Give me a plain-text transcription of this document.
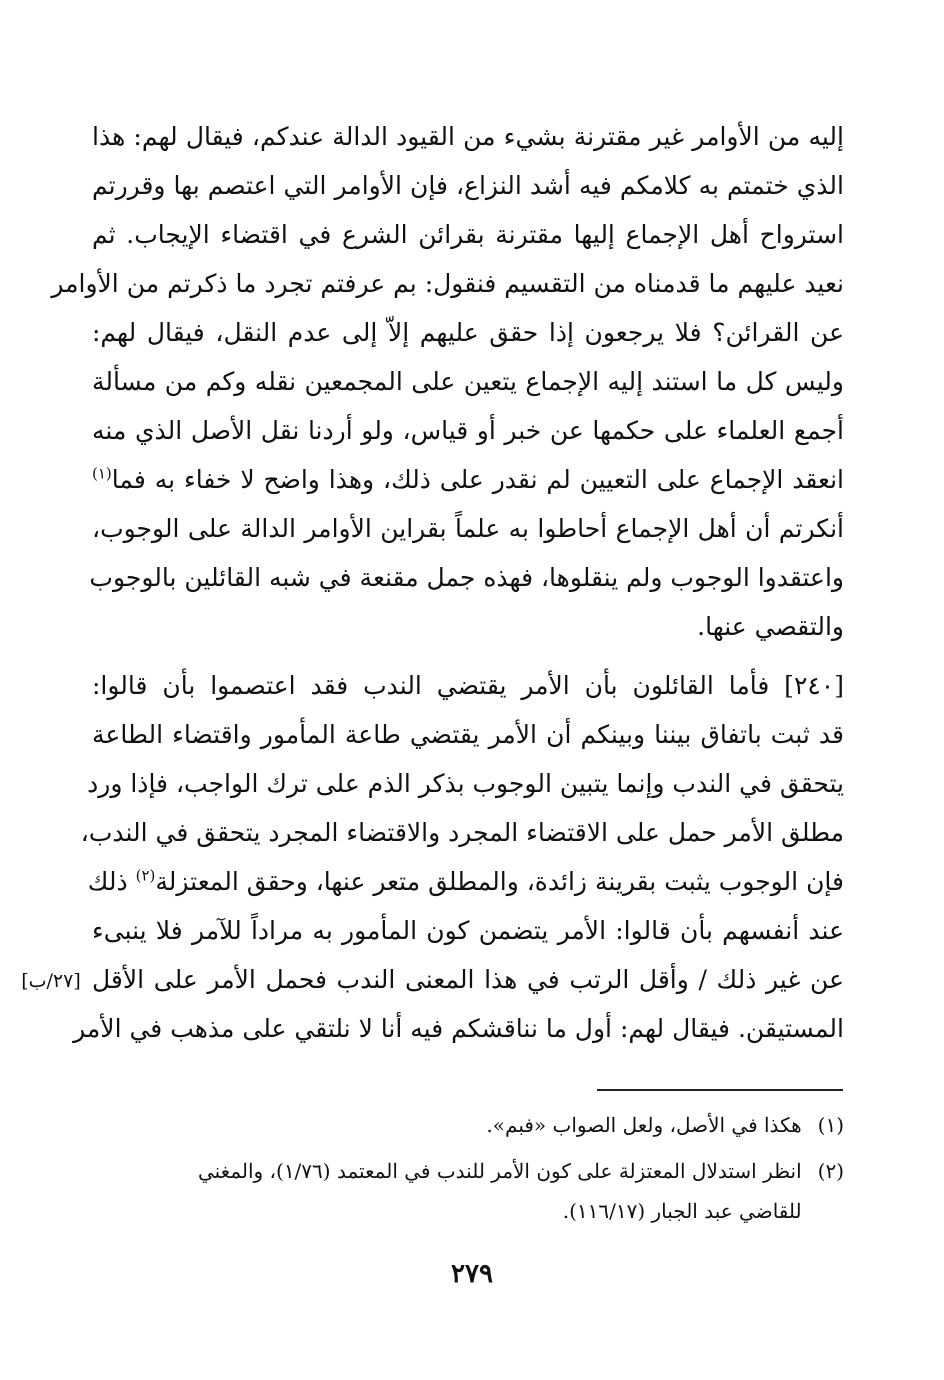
إليه من الأوامر غير مقترنة بشيء من القيود الدالة عندكم، فيقال لهم: هذا
الذي ختمتم به كلامكم فيه أشد النزاع، فإن الأوامر التي اعتصم بها وقررتم
استرواح أهل الإجماع إليها مقترنة بقرائن الشرع في اقتضاء الإيجاب. ثم
نعيد عليهم ما قدمناه من التقسيم فنقول: بم عرفتم تجرد ما ذكرتم من الأوامر
عن القرائن؟ فلا يرجعون إذا حقق عليهم إلاّ إلى عدم النقل، فيقال لهم:
وليس كل ما استند إليه الإجماع يتعين على المجمعين نقله وكم من مسألة
أجمع العلماء على حكمها عن خبر أو قياس، ولو أردنا نقل الأصل الذي منه
انعقد الإجماع على التعيين لم نقدر على ذلك، وهذا واضح لا خفاء به فما$^{(١)}$
أنكرتم أن أهل الإجماع أحاطوا به علماً بقراين الأوامر الدالة على الوجوب،
واعتقدوا الوجوب ولم ينقلوها، فهذه جمل مقنعة في شبه القائلين بالوجوب
والتقصي عنها.
[٢٤٠] فأما القائلون بأن الأمر يقتضي الندب فقد اعتصموا بأن قالوا:
قد ثبت باتفاق بيننا وبينكم أن الأمر يقتضي طاعة المأمور واقتضاء الطاعة
يتحقق في الندب وإنما يتبين الوجوب بذكر الذم على ترك الواجب، فإذا ورد
مطلق الأمر حمل على الاقتضاء المجرد والاقتضاء المجرد يتحقق في الندب،
فإن الوجوب يثبت بقرينة زائدة، والمطلق متعر عنها، وحقق المعتزلة$^{(٢)}$ ذلك
عند أنفسهم بأن قالوا: الأمر يتضمن كون المأمور به مراداً للآمر فلا ينبىء
عن غير ذلك / وأقل الرتب في هذا المعنى الندب فحمل الأمر على الأقل
[٢٧/ب]
المستيقن. فيقال لهم: أول ما نناقشكم فيه أنا لا نلتقي على مذهب في الأمر
(١) هكذا في الأصل، ولعل الصواب «فبم».
(٢) انظر استدلال المعتزلة على كون الأمر للندب في المعتمد (١/٧٦)، والمغني
للقاضي عبد الجبار (١١٦/١٧).
٢٧٩
